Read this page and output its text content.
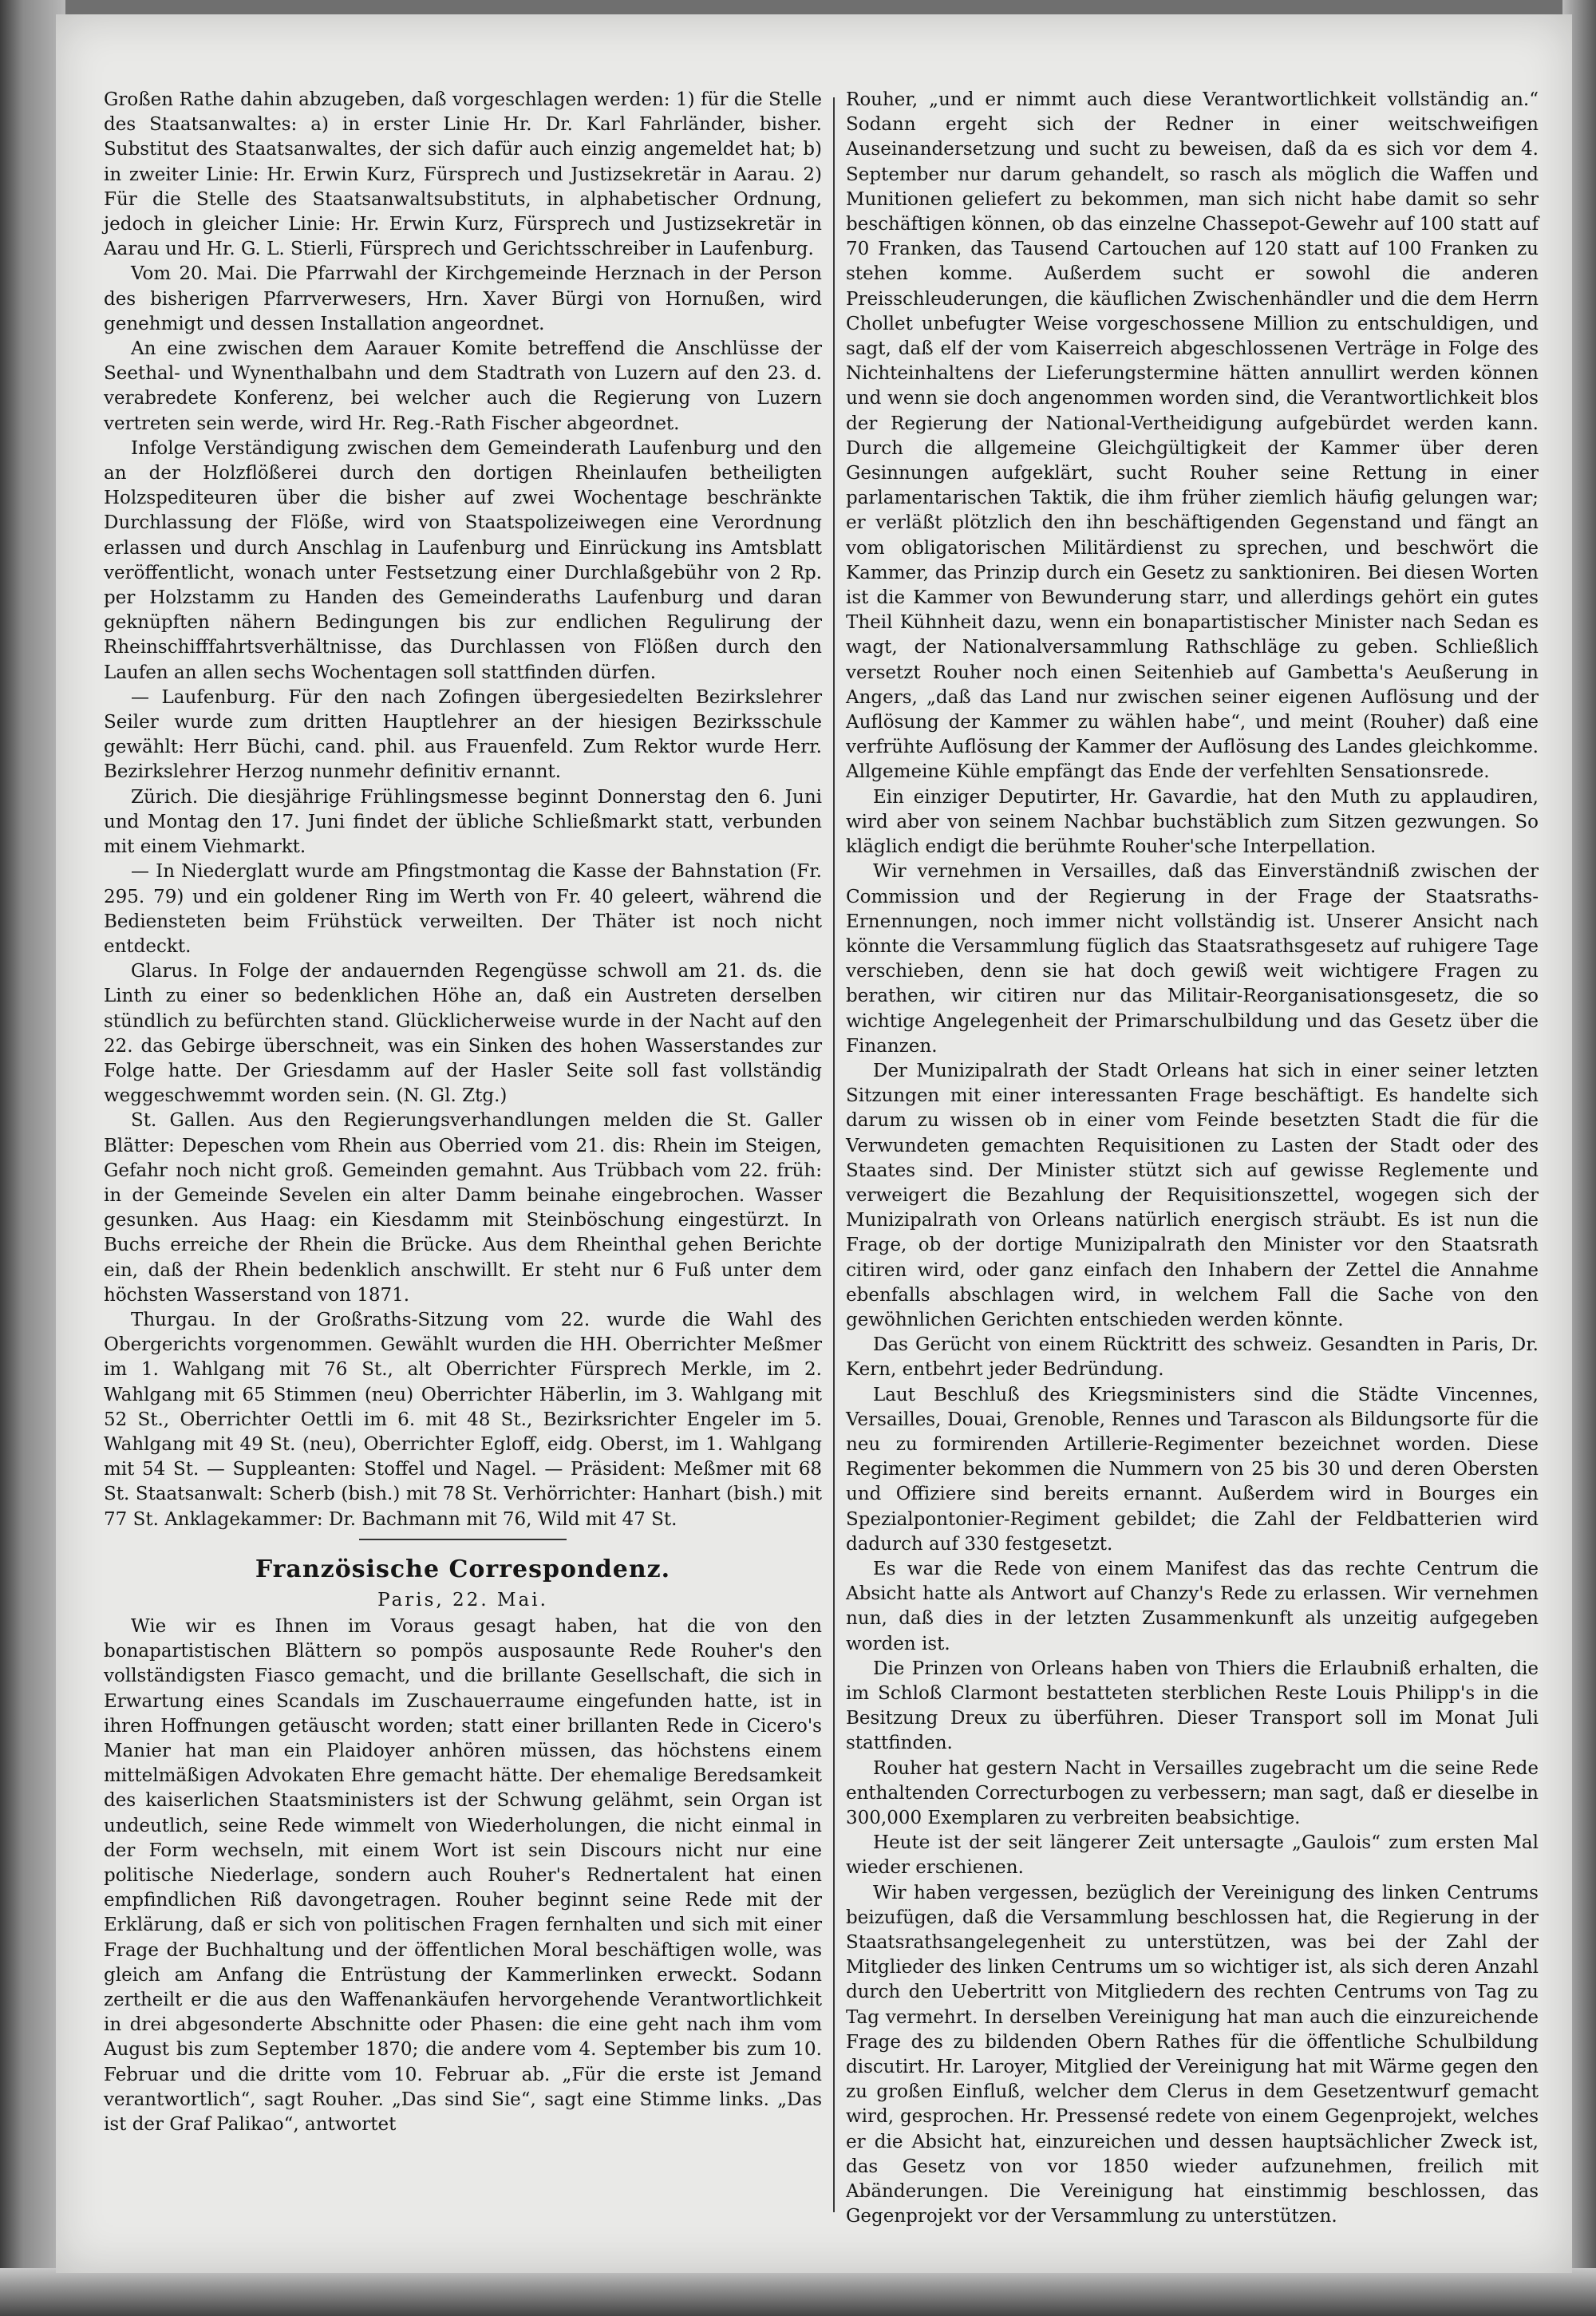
Großen Rathe dahin abzugeben, daß vorgeschlagen werden: 1) für die Stelle des Staatsanwaltes: a) in erster Linie Hr. Dr. Karl Fahrländer, bisher. Substitut des Staatsanwaltes, der sich dafür auch einzig angemeldet hat; b) in zweiter Linie: Hr. Erwin Kurz, Fürsprech und Justizsekretär in Aarau. 2) Für die Stelle des Staatsanwaltsubstituts, in alphabetischer Ordnung, jedoch in gleicher Linie: Hr. Erwin Kurz, Fürsprech und Justizsekretär in Aarau und Hr. G. L. Stierli, Fürsprech und Gerichtsschreiber in Laufenburg.

Vom 20. Mai. Die Pfarrwahl der Kirchgemeinde Herznach in der Person des bisherigen Pfarrverwesers, Hrn. Xaver Bürgi von Hornußen, wird genehmigt und dessen Installation angeordnet.

An eine zwischen dem Aarauer Komite betreffend die Anschlüsse der Seethal- und Wynenthalbahn und dem Stadtrath von Luzern auf den 23. d. verabredete Konferenz, bei welcher auch die Regierung von Luzern vertreten sein werde, wird Hr. Reg.-Rath Fischer abgeordnet.

Infolge Verständigung zwischen dem Gemeinderath Laufenburg und den an der Holzflößerei durch den dortigen Rheinlaufen betheiligten Holzspediteuren über die bisher auf zwei Wochentage beschränkte Durchlassung der Flöße, wird von Staatspolizeiwegen eine Verordnung erlassen und durch Anschlag in Laufenburg und Einrückung ins Amtsblatt veröffentlicht, wonach unter Festsetzung einer Durchlaßgebühr von 2 Rp. per Holzstamm zu Handen des Gemeinderaths Laufenburg und daran geknüpften nähern Bedingungen bis zur endlichen Regulirung der Rheinschifffahrtsverhältnisse, das Durchlassen von Flößen durch den Laufen an allen sechs Wochentagen soll stattfinden dürfen.

— Laufenburg. Für den nach Zofingen übergesiedelten Bezirkslehrer Seiler wurde zum dritten Hauptlehrer an der hiesigen Bezirksschule gewählt: Herr Büchi, cand. phil. aus Frauenfeld. Zum Rektor wurde Herr. Bezirkslehrer Herzog nunmehr definitiv ernannt.

Zürich. Die diesjährige Frühlingsmesse beginnt Donnerstag den 6. Juni und Montag den 17. Juni findet der übliche Schließmarkt statt, verbunden mit einem Viehmarkt.

— In Niederglatt wurde am Pfingstmontag die Kasse der Bahnstation (Fr. 295. 79) und ein goldener Ring im Werth von Fr. 40 geleert, während die Bediensteten beim Frühstück verweilten. Der Thäter ist noch nicht entdeckt.

Glarus. In Folge der andauernden Regengüsse schwoll am 21. ds. die Linth zu einer so bedenklichen Höhe an, daß ein Austreten derselben stündlich zu befürchten stand. Glücklicherweise wurde in der Nacht auf den 22. das Gebirge überschneit, was ein Sinken des hohen Wasserstandes zur Folge hatte. Der Griesdamm auf der Hasler Seite soll fast vollständig weggeschwemmt worden sein. (N. Gl. Ztg.)

St. Gallen. Aus den Regierungsverhandlungen melden die St. Galler Blätter: Depeschen vom Rhein aus Oberried vom 21. dis: Rhein im Steigen, Gefahr noch nicht groß. Gemeinden gemahnt. Aus Trübbach vom 22. früh: in der Gemeinde Sevelen ein alter Damm beinahe eingebrochen. Wasser gesunken. Aus Haag: ein Kiesdamm mit Steinböschung eingestürzt. In Buchs erreiche der Rhein die Brücke. Aus dem Rheinthal gehen Berichte ein, daß der Rhein bedenklich anschwillt. Er steht nur 6 Fuß unter dem höchsten Wasserstand von 1871.

Thurgau. In der Großraths-Sitzung vom 22. wurde die Wahl des Obergerichts vorgenommen. Gewählt wurden die HH. Oberrichter Meßmer im 1. Wahlgang mit 76 St., alt Oberrichter Fürsprech Merkle, im 2. Wahlgang mit 65 Stimmen (neu) Oberrichter Häberlin, im 3. Wahlgang mit 52 St., Oberrichter Oettli im 6. mit 48 St., Bezirksrichter Engeler im 5. Wahlgang mit 49 St. (neu), Oberrichter Egloff, eidg. Oberst, im 1. Wahlgang mit 54 St. — Suppleanten: Stoffel und Nagel. — Präsident: Meßmer mit 68 St. Staatsanwalt: Scherb (bish.) mit 78 St. Verhörrichter: Hanhart (bish.) mit 77 St. Anklagekammer: Dr. Bachmann mit 76, Wild mit 47 St.

Französische Correspondenz.
Paris, 22. Mai.

Wie wir es Ihnen im Voraus gesagt haben, hat die von den bonapartistischen Blättern so pompös ausposaunte Rede Rouher's den vollständigsten Fiasco gemacht, und die brillante Gesellschaft, die sich in Erwartung eines Scandals im Zuschauerraume eingefunden hatte, ist in ihren Hoffnungen getäuscht worden; statt einer brillanten Rede in Cicero's Manier hat man ein Plaidoyer anhören müssen, das höchstens einem mittelmäßigen Advokaten Ehre gemacht hätte. Der ehemalige Beredsamkeit des kaiserlichen Staatsministers ist der Schwung gelähmt, sein Organ ist undeutlich, seine Rede wimmelt von Wiederholungen, die nicht einmal in der Form wechseln, mit einem Wort ist sein Discours nicht nur eine politische Niederlage, sondern auch Rouher's Rednertalent hat einen empfindlichen Riß davongetragen. Rouher beginnt seine Rede mit der Erklärung, daß er sich von politischen Fragen fernhalten und sich mit einer Frage der Buchhaltung und der öffentlichen Moral beschäftigen wolle, was gleich am Anfang die Entrüstung der Kammerlinken erweckt. Sodann zertheilt er die aus den Waffenankäufen hervorgehende Verantwortlichkeit in drei abgesonderte Abschnitte oder Phasen: die eine geht nach ihm vom August bis zum September 1870; die andere vom 4. September bis zum 10. Februar und die dritte vom 10. Februar ab. „Für die erste ist Jemand verantwortlich“, sagt Rouher. „Das sind Sie“, sagt eine Stimme links. „Das ist der Graf Palikao“, antwortet

Rouher, „und er nimmt auch diese Verantwortlichkeit vollständig an.“ Sodann ergeht sich der Redner in einer weitschweifigen Auseinandersetzung und sucht zu beweisen, daß da es sich vor dem 4. September nur darum gehandelt, so rasch als möglich die Waffen und Munitionen geliefert zu bekommen, man sich nicht habe damit so sehr beschäftigen können, ob das einzelne Chassepot-Gewehr auf 100 statt auf 70 Franken, das Tausend Cartouchen auf 120 statt auf 100 Franken zu stehen komme. Außerdem sucht er sowohl die anderen Preisschleuderungen, die käuflichen Zwischenhändler und die dem Herrn Chollet unbefugter Weise vorgeschossene Million zu entschuldigen, und sagt, daß elf der vom Kaiserreich abgeschlossenen Verträge in Folge des Nichteinhaltens der Lieferungstermine hätten annullirt werden können und wenn sie doch angenommen worden sind, die Verantwortlichkeit blos der Regierung der National-Vertheidigung aufgebürdet werden kann. Durch die allgemeine Gleichgültigkeit der Kammer über deren Gesinnungen aufgeklärt, sucht Rouher seine Rettung in einer parlamentarischen Taktik, die ihm früher ziemlich häufig gelungen war; er verläßt plötzlich den ihn beschäftigenden Gegenstand und fängt an vom obligatorischen Militärdienst zu sprechen, und beschwört die Kammer, das Prinzip durch ein Gesetz zu sanktioniren. Bei diesen Worten ist die Kammer von Bewunderung starr, und allerdings gehört ein gutes Theil Kühnheit dazu, wenn ein bonapartistischer Minister nach Sedan es wagt, der Nationalversammlung Rathschläge zu geben. Schließlich versetzt Rouher noch einen Seitenhieb auf Gambetta's Aeußerung in Angers, „daß das Land nur zwischen seiner eigenen Auflösung und der Auflösung der Kammer zu wählen habe“, und meint (Rouher) daß eine verfrühte Auflösung der Kammer der Auflösung des Landes gleichkomme. Allgemeine Kühle empfängt das Ende der verfehlten Sensationsrede.

Ein einziger Deputirter, Hr. Gavardie, hat den Muth zu applaudiren, wird aber von seinem Nachbar buchstäblich zum Sitzen gezwungen. So kläglich endigt die berühmte Rouher'sche Interpellation.

Wir vernehmen in Versailles, daß das Einverständniß zwischen der Commission und der Regierung in der Frage der Staatsraths-Ernennungen, noch immer nicht vollständig ist. Unserer Ansicht nach könnte die Versammlung füglich das Staatsrathsgesetz auf ruhigere Tage verschieben, denn sie hat doch gewiß weit wichtigere Fragen zu berathen, wir citiren nur das Militair-Reorganisationsgesetz, die so wichtige Angelegenheit der Primarschulbildung und das Gesetz über die Finanzen.

Der Munizipalrath der Stadt Orleans hat sich in einer seiner letzten Sitzungen mit einer interessanten Frage beschäftigt. Es handelte sich darum zu wissen ob in einer vom Feinde besetzten Stadt die für die Verwundeten gemachten Requisitionen zu Lasten der Stadt oder des Staates sind. Der Minister stützt sich auf gewisse Reglemente und verweigert die Bezahlung der Requisitionszettel, wogegen sich der Munizipalrath von Orleans natürlich energisch sträubt. Es ist nun die Frage, ob der dortige Munizipalrath den Minister vor den Staatsrath citiren wird, oder ganz einfach den Inhabern der Zettel die Annahme ebenfalls abschlagen wird, in welchem Fall die Sache von den gewöhnlichen Gerichten entschieden werden könnte.

Das Gerücht von einem Rücktritt des schweiz. Gesandten in Paris, Dr. Kern, entbehrt jeder Bedründung.

Laut Beschluß des Kriegsministers sind die Städte Vincennes, Versailles, Douai, Grenoble, Rennes und Tarascon als Bildungsorte für die neu zu formirenden Artillerie-Regimenter bezeichnet worden. Diese Regimenter bekommen die Nummern von 25 bis 30 und deren Obersten und Offiziere sind bereits ernannt. Außerdem wird in Bourges ein Spezialpontonier-Regiment gebildet; die Zahl der Feldbatterien wird dadurch auf 330 festgesetzt.

Es war die Rede von einem Manifest das das rechte Centrum die Absicht hatte als Antwort auf Chanzy's Rede zu erlassen. Wir vernehmen nun, daß dies in der letzten Zusammenkunft als unzeitig aufgegeben worden ist.

Die Prinzen von Orleans haben von Thiers die Erlaubniß erhalten, die im Schloß Clarmont bestatteten sterblichen Reste Louis Philipp's in die Besitzung Dreux zu überführen. Dieser Transport soll im Monat Juli stattfinden.

Rouher hat gestern Nacht in Versailles zugebracht um die seine Rede enthaltenden Correcturbogen zu verbessern; man sagt, daß er dieselbe in 300,000 Exemplaren zu verbreiten beabsichtige.

Heute ist der seit längerer Zeit untersagte „Gaulois“ zum ersten Mal wieder erschienen.

Wir haben vergessen, bezüglich der Vereinigung des linken Centrums beizufügen, daß die Versammlung beschlossen hat, die Regierung in der Staatsrathsangelegenheit zu unterstützen, was bei der Zahl der Mitglieder des linken Centrums um so wichtiger ist, als sich deren Anzahl durch den Uebertritt von Mitgliedern des rechten Centrums von Tag zu Tag vermehrt. In derselben Vereinigung hat man auch die einzureichende Frage des zu bildenden Obern Rathes für die öffentliche Schulbildung discutirt. Hr. Laroyer, Mitglied der Vereinigung hat mit Wärme gegen den zu großen Einfluß, welcher dem Clerus in dem Gesetzentwurf gemacht wird, gesprochen. Hr. Pressensé redete von einem Gegenprojekt, welches er die Absicht hat, einzureichen und dessen hauptsächlicher Zweck ist, das Gesetz von vor 1850 wieder aufzunehmen, freilich mit Abänderungen. Die Vereinigung hat einstimmig beschlossen, das Gegenprojekt vor der Versammlung zu unterstützen.
